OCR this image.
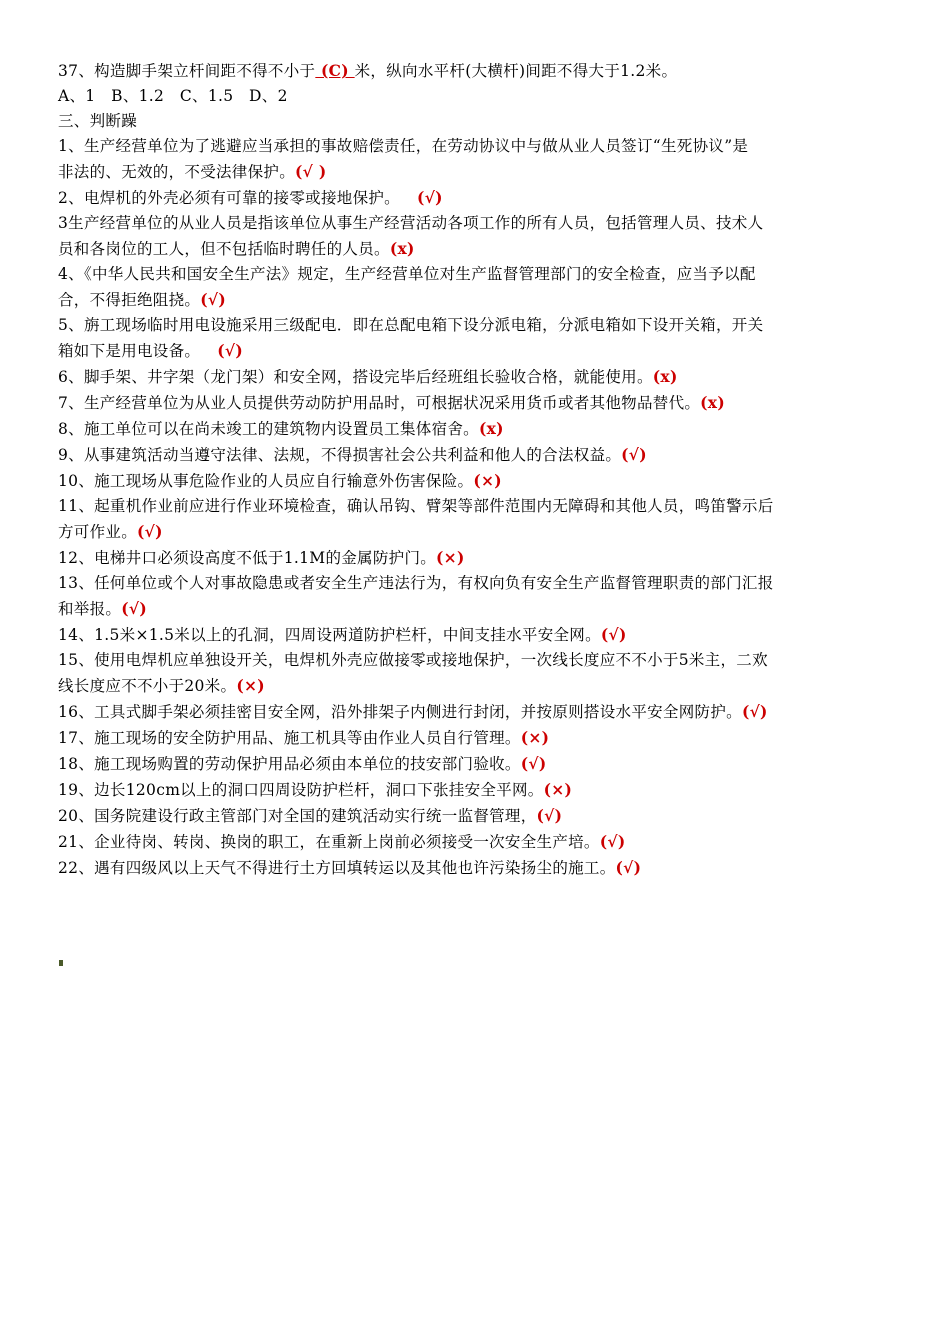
37、构造脚手架立杆间距不得不小于 (C) 米，纵向水平杆(大横杆)间距不得大于1.2米。
A、1   B、1.2   C、1.5   D、2
三、判断躁
1、生产经营单位为了逃避应当承担的事故赔偿责任，在劳动协议中与做从业人员签订“生死协议”是
非法的、无效的，不受法律保护。(√ )
2、电焊机的外壳必须有可靠的接零或接地保护。   (√)
3生产经营单位的从业人员是指该单位从事生产经营活动各项工作的所有人员，包括管理人员、技术人
员和各岗位的工人，但不包括临时聘任的人员。(x)
4、《中华人民共和国安全生产法》规定，生产经营单位对生产监督管理部门的安全检查，应当予以配
合，不得拒绝阻挠。(√)
5、旃工现场临时用电设施采用三级配电．即在总配电箱下设分派电箱，分派电箱如下设开关箱，开关
箱如下是用电设备。   (√)
6、脚手架、井字架（龙门架）和安全网，搭设完毕后经班组长验收合格，就能使用。(x)
7、生产经营单位为从业人员提供劳动防护用品时，可根据状况采用货币或者其他物品替代。(x)
8、施工单位可以在尚未竣工的建筑物内设置员工集体宿舍。(x)
9、从事建筑活动当遵守法律、法规，不得损害社会公共利益和他人的合法权益。(√)
10、施工现场从事危险作业的人员应自行输意外伤害保险。(×)
11、起重机作业前应进行作业环境检查，确认吊钩、臂架等部件范围内无障碍和其他人员，鸣笛警示后
方可作业。(√)
12、电梯井口必须设高度不低于1.1M的金属防护门。(×)
13、任何单位或个人对事故隐患或者安全生产违法行为，有权向负有安全生产监督管理职责的部门汇报
和举报。(√)
14、1.5米×1.5米以上的孔洞，四周设两道防护栏杆，中间支挂水平安全网。(√)
15、使用电焊机应单独设开关，电焊机外壳应做接零或接地保护，一次线长度应不不小于5米主，二欢
线长度应不不小于20米。(×)
16、工具式脚手架必须挂密目安全网，沿外排架子内侧进行封闭，并按原则搭设水平安全网防护。(√)
17、施工现场的安全防护用品、施工机具等由作业人员自行管理。(×)
18、施工现场购置的劳动保护用品必须由本单位的技安部门验收。(√)
19、边长120cm以上的洞口四周设防护栏杆，洞口下张挂安全平网。(×)
20、国务院建设行政主管部门对全国的建筑活动实行统一监督管理，(√)
21、企业待岗、转岗、换岗的职工，在重新上岗前必须接受一次安全生产培。(√)
22、遇有四级风以上天气不得进行土方回填转运以及其他也许污染扬尘的施工。(√)
